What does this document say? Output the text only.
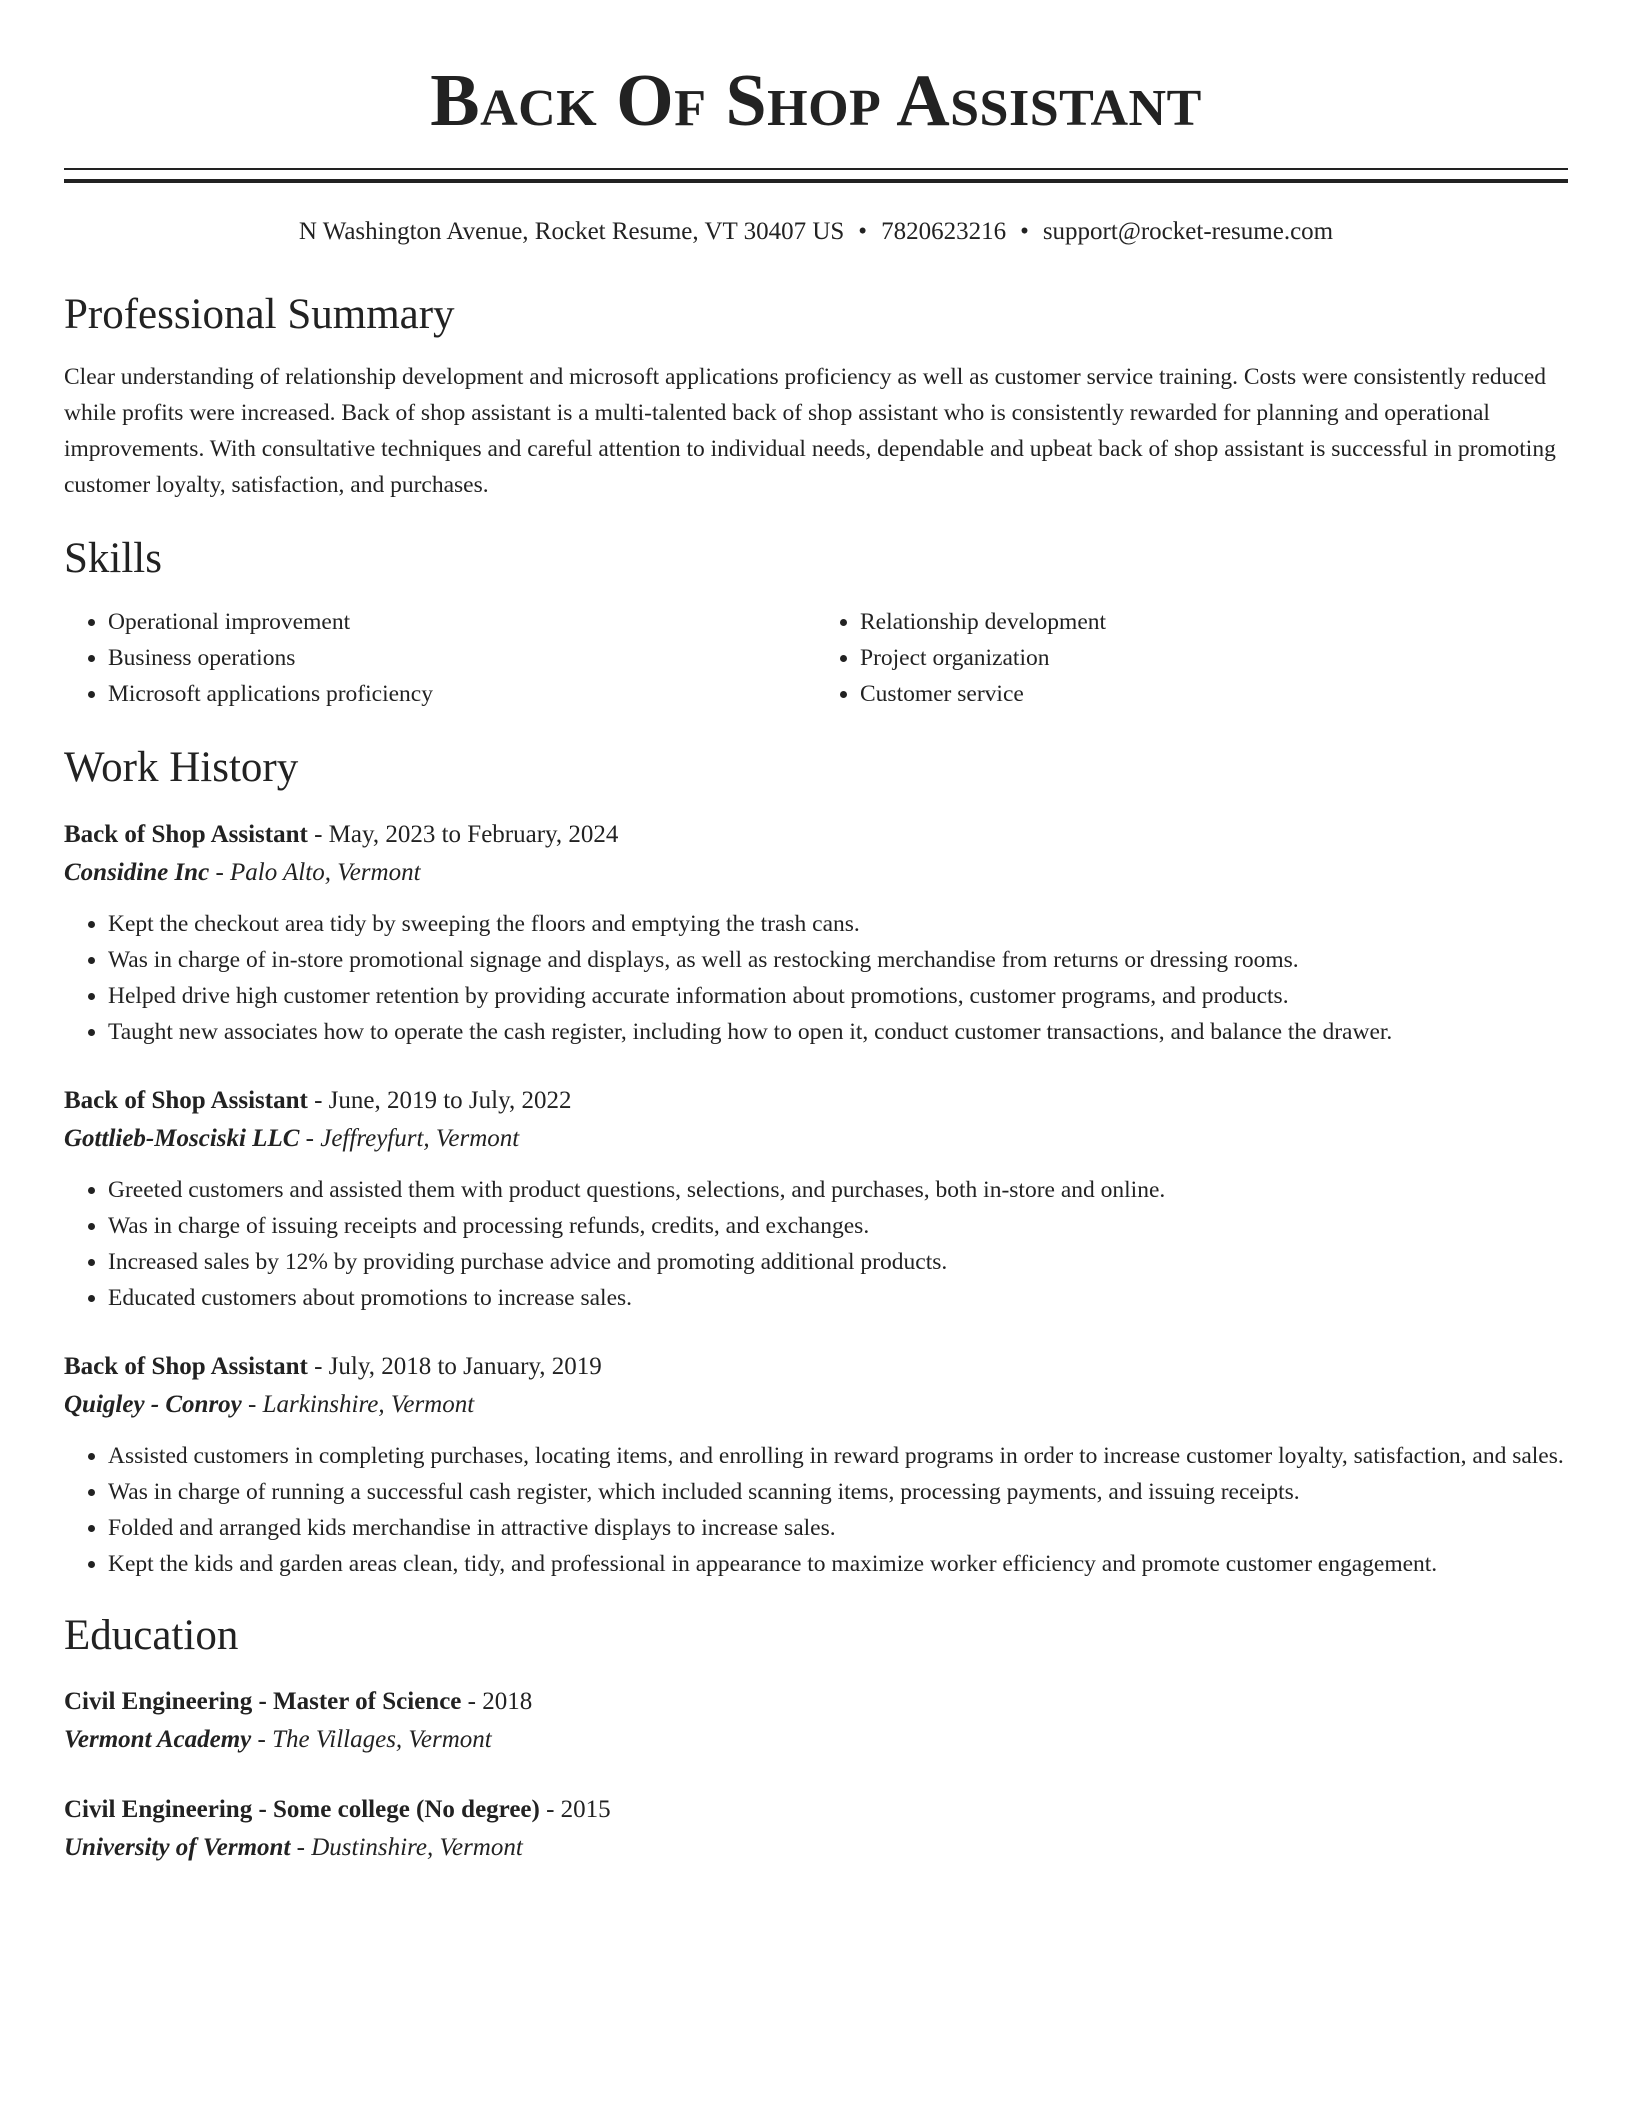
Back Of Shop Assistant
N Washington Avenue, Rocket Resume, VT 30407 US • 7820623216 • support@rocket-resume.com
Professional Summary

Clear understanding of relationship development and microsoft applications proficiency as well as customer service training. Costs were consistently reduced while profits were increased. Back of shop assistant is a multi-talented back of shop assistant who is consistently rewarded for planning and operational improvements. With consultative techniques and careful attention to individual needs, dependable and upbeat back of shop assistant is successful in promoting customer loyalty, satisfaction, and purchases.

Skills
• Operational improvement
• Business operations
• Microsoft applications proficiency
• Relationship development
• Project organization
• Customer service
Work History
Back of Shop Assistant - May, 2023 to February, 2024
Considine Inc - Palo Alto, Vermont
• Kept the checkout area tidy by sweeping the floors and emptying the trash cans.
• Was in charge of in-store promotional signage and displays, as well as restocking merchandise from returns or dressing rooms.
• Helped drive high customer retention by providing accurate information about promotions, customer programs, and products.
• Taught new associates how to operate the cash register, including how to open it, conduct customer transactions, and balance the drawer.
Back of Shop Assistant - June, 2019 to July, 2022
Gottlieb-Mosciski LLC - Jeffreyfurt, Vermont
• Greeted customers and assisted them with product questions, selections, and purchases, both in-store and online.
• Was in charge of issuing receipts and processing refunds, credits, and exchanges.
• Increased sales by 12% by providing purchase advice and promoting additional products.
• Educated customers about promotions to increase sales.
Back of Shop Assistant - July, 2018 to January, 2019
Quigley - Conroy - Larkinshire, Vermont
• Assisted customers in completing purchases, locating items, and enrolling in reward programs in order to increase customer loyalty, satisfaction, and sales.
• Was in charge of running a successful cash register, which included scanning items, processing payments, and issuing receipts.
• Folded and arranged kids merchandise in attractive displays to increase sales.
• Kept the kids and garden areas clean, tidy, and professional in appearance to maximize worker efficiency and promote customer engagement.
Education
Civil Engineering - Master of Science - 2018
Vermont Academy - The Villages, Vermont
Civil Engineering - Some college (No degree) - 2015
University of Vermont - Dustinshire, Vermont
